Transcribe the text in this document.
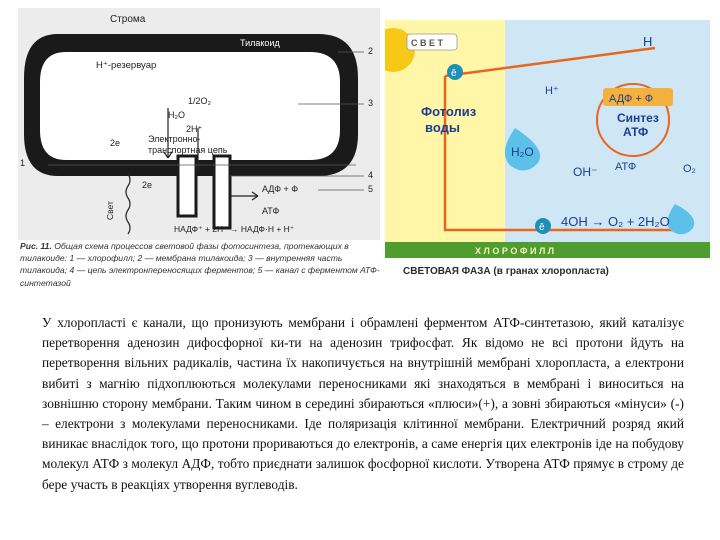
Строма
Тилакоид
H⁺-резервуар
1/2O₂
H₂O
2H⁺
2e	Электронно-
транспортная цепь
2e
Свет
АДФ + Ф
АТФ
НАДФ⁺ + 2H⁺ → НАДФ·Н + H⁺
1
2
3
4
5
Рис. 11. Общая схема процессов световой фазы фотосинтеза, протекающих в тилакоиде: 1 — хлорофилл; 2 — мембрана тилакоида; 3 — внутренняя часть тилакоида; 4 — цепь электронпереносящих ферментов; 5 — канал с ферментом АТФ-синтетазой
С В Е Т
Х Л О Р О Ф И Л Л
СВЕТОВАЯ ФАЗА (в гранах хлоропласта)
ē
ē
H
АДФ + Ф
H⁺
Фотолиз
воды
Синтез
АТФ
АТФ
H₂O
OH⁻	O₂
4OH → O₂ + 2H₂O

У хлоропласті є канали, що пронизують мембрани і обрамлені ферментом АТФ-синтетазою, який каталізує перетворення аденозин дифосфорної ки-ти на аденозин трифосфат. Як відомо не всі протони йдуть на перетворення вільних радикалів, частина їх накопичується на внутрішній мембрані хлоропласта, а електрони вибиті з магнію підхоплюються молекулами переносниками які знаходяться в мембрані і виноситься на зовнішню сторону мембрани. Таким чином в середині збираються «плюси»(+), а зовні збираються «мінуси» (-) – електрони з молекулами переносниками. Іде поляризація клітинної мембрани. Електричний розряд який виникає внаслідок того, що протони прориваються до електронів, а саме енергія цих електронів іде на побудову молекул АТФ з молекул АДФ, тобто приєднати залишок фосфорної кислоти. Утворена АТФ прямує в строму де бере участь в реакціях утворення вуглеводів.
